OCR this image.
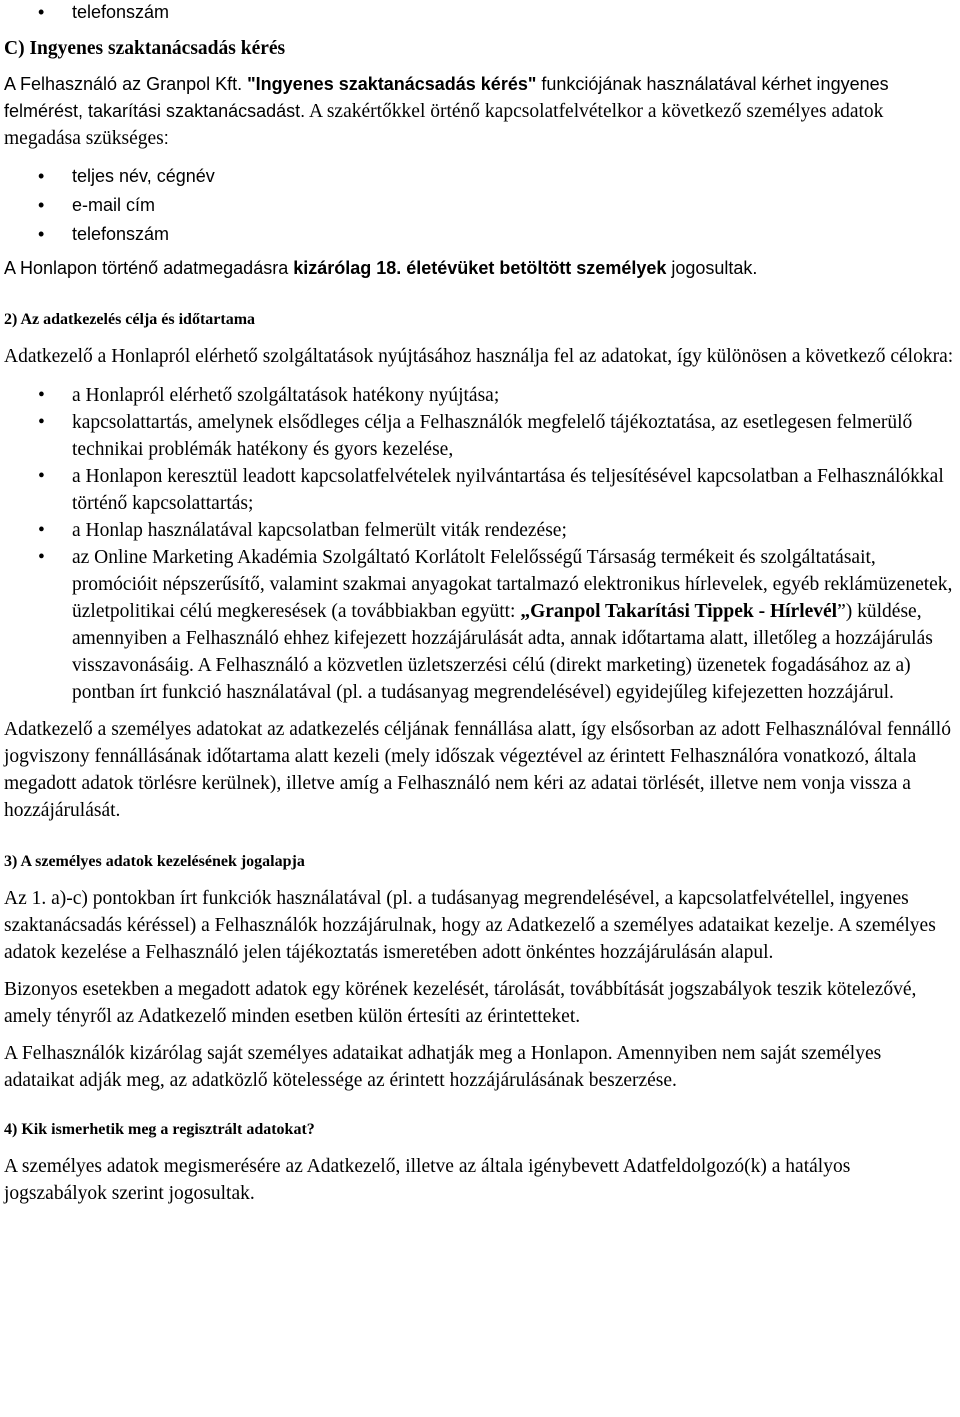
• telefonszám

C) Ingyenes szaktanácsadás kérés

A Felhasználó az Granpol Kft. "Ingyenes szaktanácsadás kérés" funkciójának használatával kérhet ingyenes felmérést, takarítási szaktanácsadást. A szakértőkkel örténő kapcsolatfelvételkor a következő személyes adatok megadása szükséges:

• teljes név, cégnév
• e-mail cím
• telefonszám

A Honlapon történő adatmegadásra kizárólag 18. életévüket betöltött személyek jogosultak.

2) Az adatkezelés célja és időtartama

Adatkezelő a Honlapról elérhető szolgáltatások nyújtásához használja fel az adatokat, így különösen a következő célokra:

• a Honlapról elérhető szolgáltatások hatékony nyújtása;
• kapcsolattartás, amelynek elsődleges célja a Felhasználók megfelelő tájékoztatása, az esetlegesen felmerülő technikai problémák hatékony és gyors kezelése,
• a Honlapon keresztül leadott kapcsolatfelvételek nyilvántartása és teljesítésével kapcsolatban a Felhasználókkal történő kapcsolattartás;
• a Honlap használatával kapcsolatban felmerült viták rendezése;
• az Online Marketing Akadémia Szolgáltató Korlátolt Felelősségű Társaság termékeit és szolgáltatásait, promócióit népszerűsítő, valamint szakmai anyagokat tartalmazó elektronikus hírlevelek, egyéb reklámüzenetek, üzletpolitikai célú megkeresések (a továbbiakban együtt: „Granpol Takarítási Tippek - Hírlevél”) küldése, amennyiben a Felhasználó ehhez kifejezett hozzájárulását adta, annak időtartama alatt, illetőleg a hozzájárulás visszavonásáig. A Felhasználó a közvetlen üzletszerzési célú (direkt marketing) üzenetek fogadásához az a) pontban írt funkció használatával (pl. a tudásanyag megrendelésével) egyidejűleg kifejezetten hozzájárul.

Adatkezelő a személyes adatokat az adatkezelés céljának fennállása alatt, így elsősorban az adott Felhasználóval fennálló jogviszony fennállásának időtartama alatt kezeli (mely időszak végeztével az érintett Felhasználóra vonatkozó, általa megadott adatok törlésre kerülnek), illetve amíg a Felhasználó nem kéri az adatai törlését, illetve nem vonja vissza a hozzájárulását.

3) A személyes adatok kezelésének jogalapja

Az 1. a)-c) pontokban írt funkciók használatával (pl. a tudásanyag megrendelésével, a kapcsolatfelvétellel, ingyenes szaktanácsadás kéréssel) a Felhasználók hozzájárulnak, hogy az Adatkezelő a személyes adataikat kezelje. A személyes adatok kezelése a Felhasználó jelen tájékoztatás ismeretében adott önkéntes hozzájárulásán alapul.

Bizonyos esetekben a megadott adatok egy körének kezelését, tárolását, továbbítását jogszabályok teszik kötelezővé, amely tényről az Adatkezelő minden esetben külön értesíti az érintetteket.

A Felhasználók kizárólag saját személyes adataikat adhatják meg a Honlapon. Amennyiben nem saját személyes adataikat adják meg, az adatközlő kötelessége az érintett hozzájárulásának beszerzése.

4) Kik ismerhetik meg a regisztrált adatokat?

A személyes adatok megismerésére az Adatkezelő, illetve az általa igénybevett Adatfeldolgozó(k) a hatályos jogszabályok szerint jogosultak.
